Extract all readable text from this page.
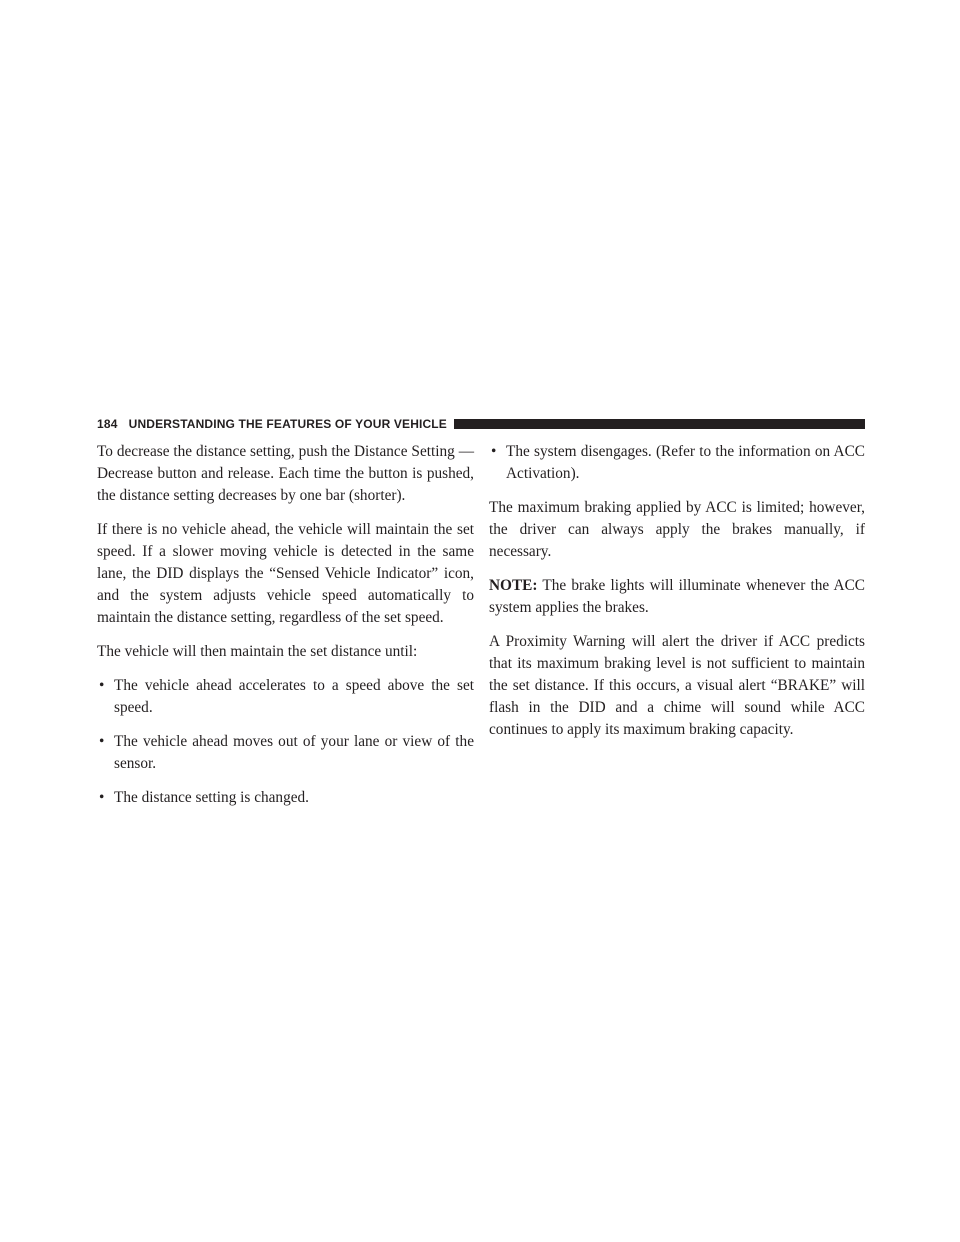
184 UNDERSTANDING THE FEATURES OF YOUR VEHICLE

To decrease the distance setting, push the Distance Setting — Decrease button and release. Each time the button is pushed, the distance setting decreases by one bar (shorter).

If there is no vehicle ahead, the vehicle will maintain the set speed. If a slower moving vehicle is detected in the same lane, the DID displays the “Sensed Vehicle Indicator” icon, and the system adjusts vehicle speed automatically to maintain the distance setting, regardless of the set speed.

The vehicle will then maintain the set distance until:

• The vehicle ahead accelerates to a speed above the set speed.
• The vehicle ahead moves out of your lane or view of the sensor.
• The distance setting is changed.
• The system disengages. (Refer to the information on ACC Activation).

The maximum braking applied by ACC is limited; however, the driver can always apply the brakes manually, if necessary.

NOTE: The brake lights will illuminate whenever the ACC system applies the brakes.

A Proximity Warning will alert the driver if ACC predicts that its maximum braking level is not sufficient to maintain the set distance. If this occurs, a visual alert “BRAKE” will flash in the DID and a chime will sound while ACC continues to apply its maximum braking capacity.
